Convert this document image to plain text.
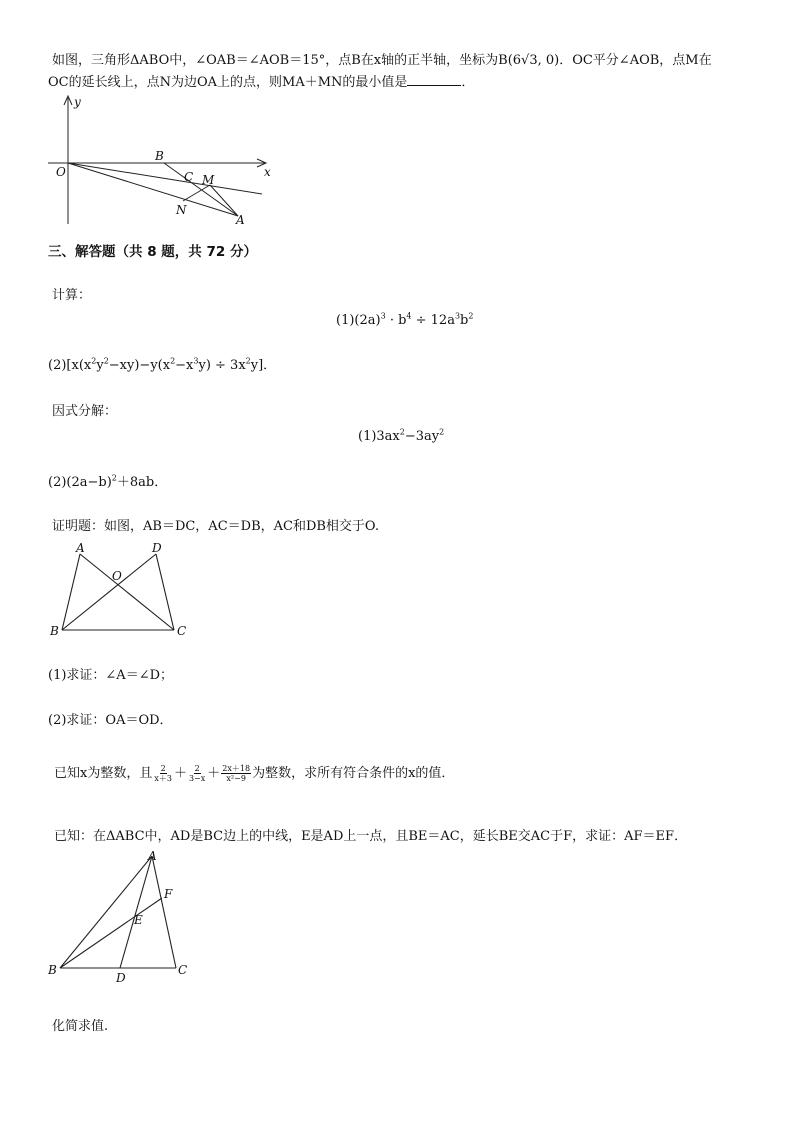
如图，三角形ΔABO中，∠OAB＝∠AOB＝15°，点B在x轴的正半轴，坐标为B(6√3, 0)．OC平分∠AOB，点M在
OC的延长线上，点N为边OA上的点，则MA＋MN的最小值是	．
y
x
O
B
C M
N
A
三、解答题（共 8 题，共 72 分）
计算：
$(1)(2a)^3 \cdot b^4 \div 12a^3b^2$
$(2)[x(x^2y^2-xy)-y(x^2-x^3y) \div 3x^2y]$．
因式分解：
$(1)3ax^2-3ay^2$
$(2)(2a-b)^2+8ab$．
证明题：如图，AB＝DC，AC＝DB，AC和DB相交于O.
A	D
O
B	C
(1)求证：∠A＝∠D；
(2)求证：OA＝OD．
已知x为整数，且 $\frac{2}{x+3} + \frac{2}{3-x} + \frac{2x+18}{\text{x²−9}}$ 为整数，求所有符合条件的x的值．
已知：在ΔABC中，AD是BC边上的中线，E是AD上一点，且BE＝AC，延长BE交AC于F，求证：AF＝EF．
A
F
E
B
D
C
化简求值.
